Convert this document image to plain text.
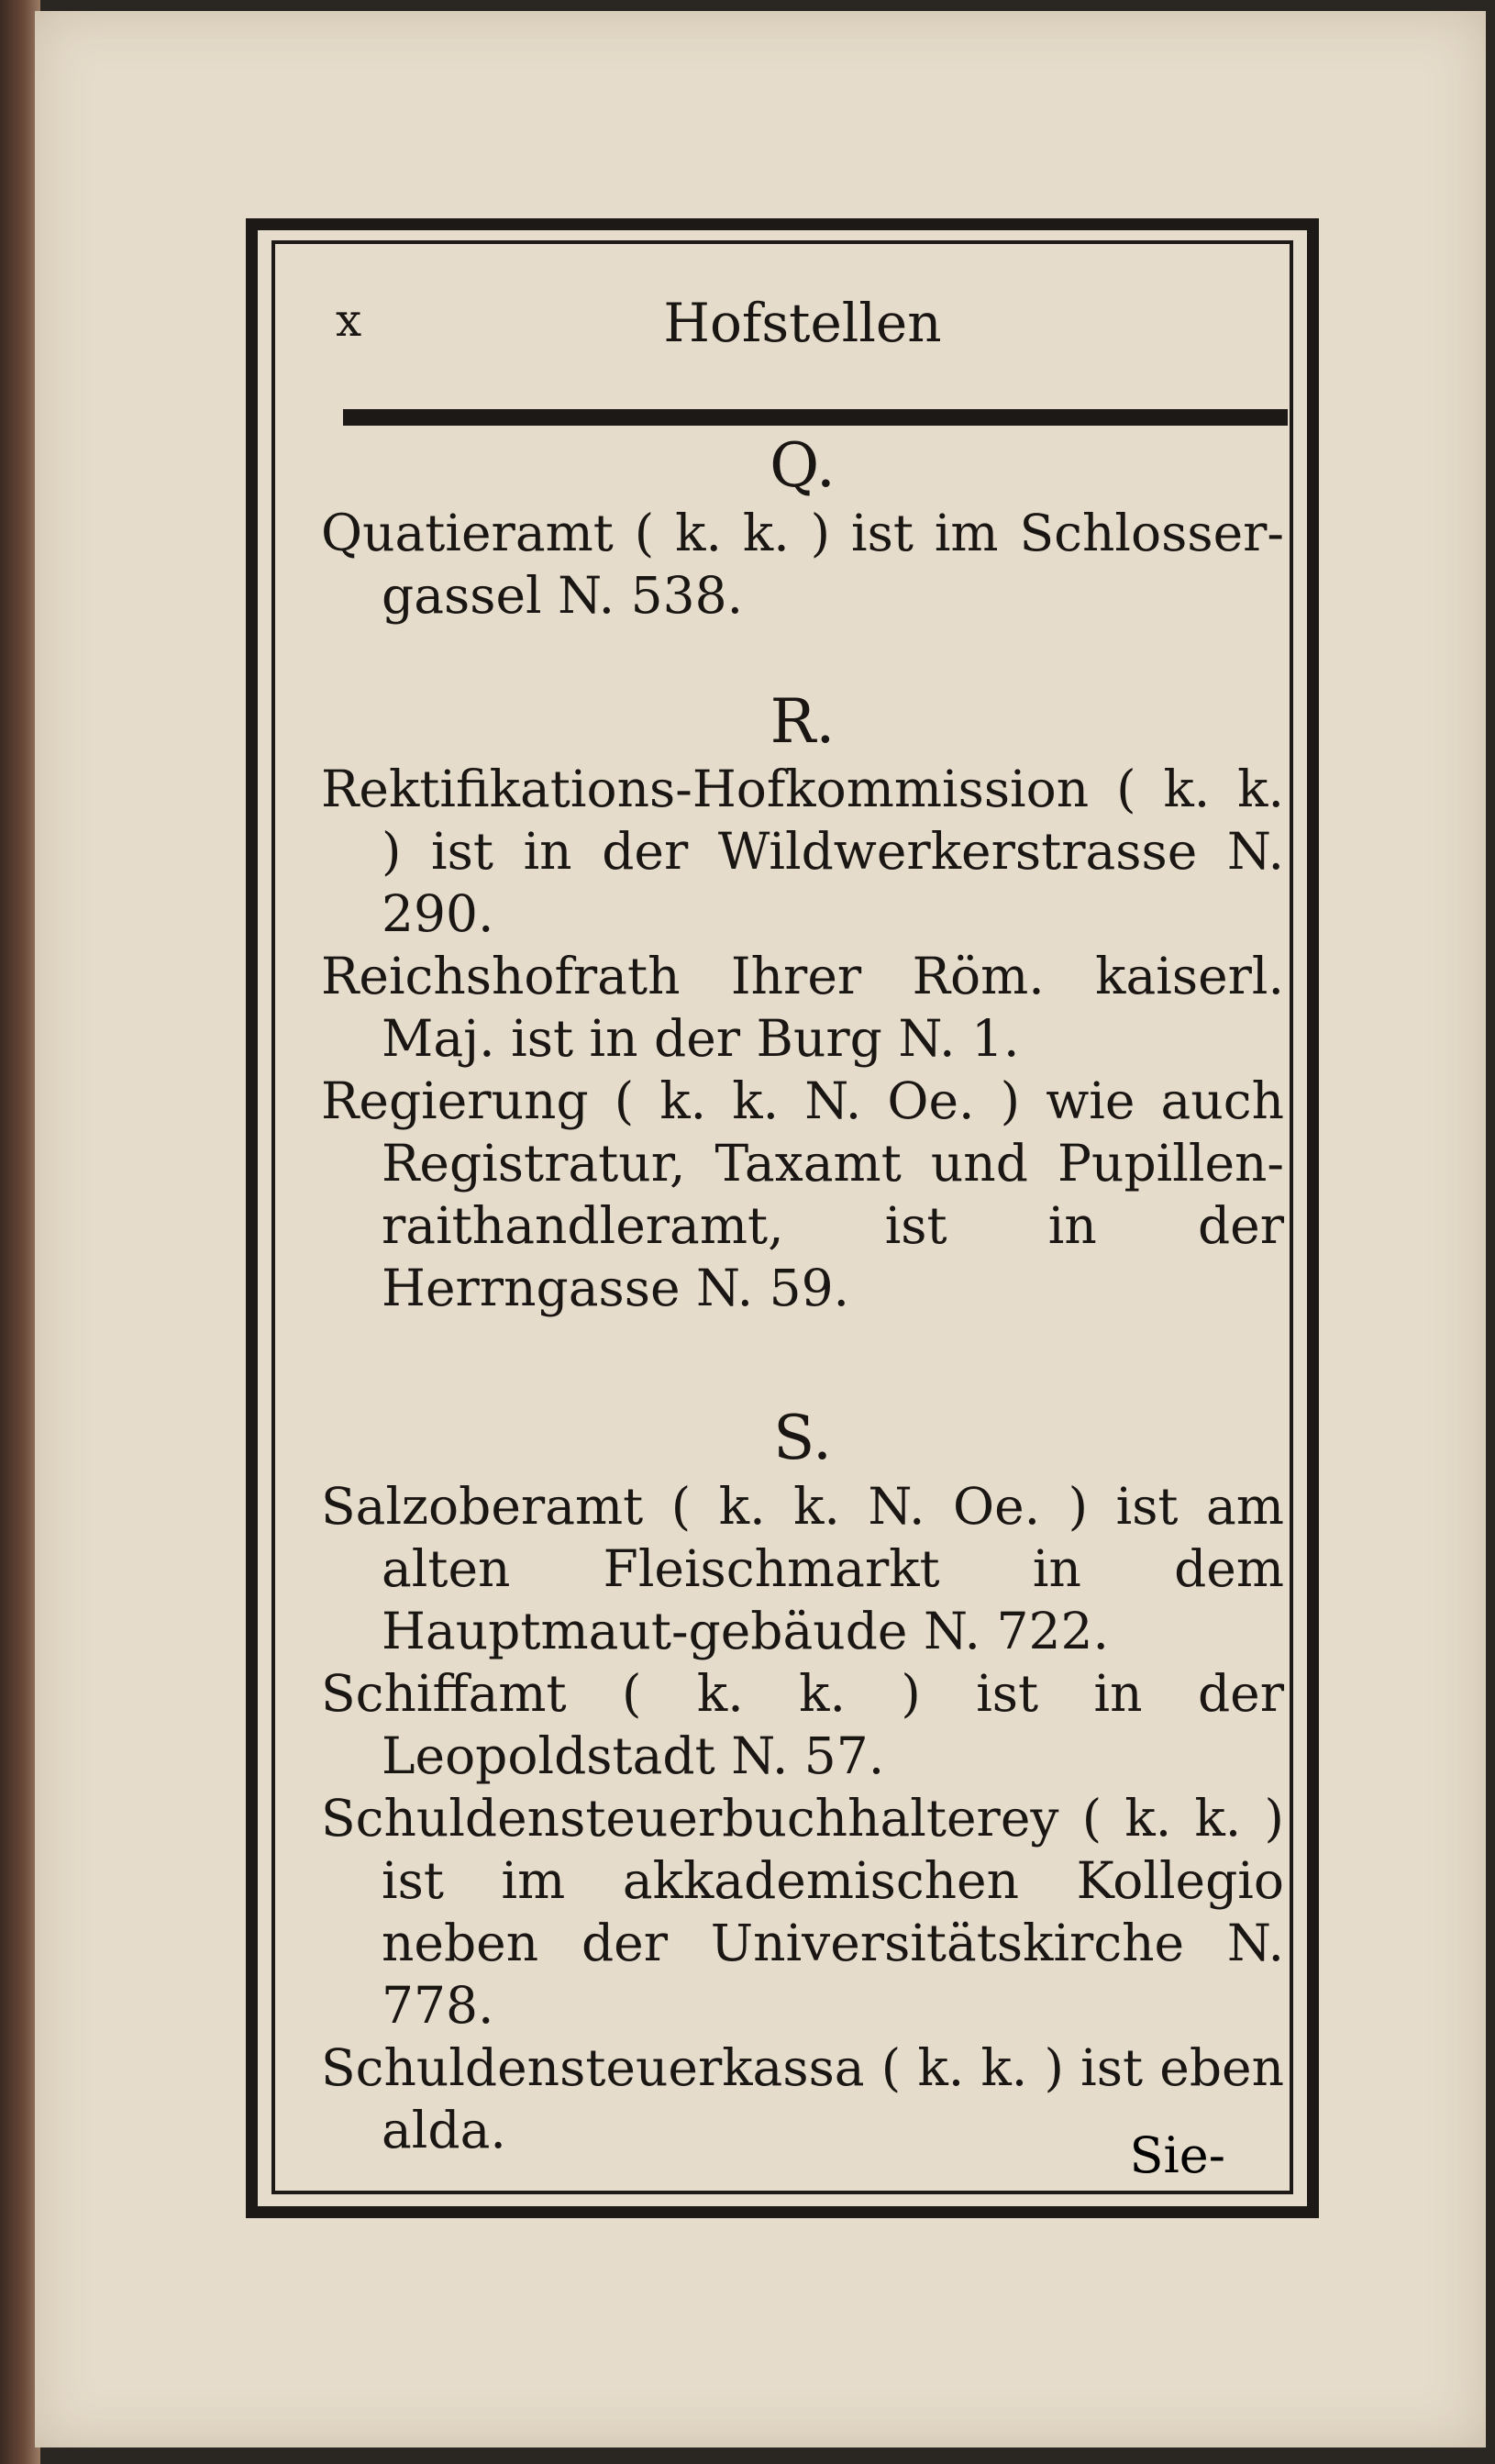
x	Hofstellen

Q.

Quatieramt ( k. k. ) ist im Schlosser-gassel N. 538.

R.

Rektifikations-Hofkommission ( k. k. ) ist in der Wildwerkerstrasse N. 290.

Reichshofrath Ihrer Röm. kaiserl. Maj. ist in der Burg N. 1.

Regierung ( k. k. N. Oe. ) wie auch Registratur, Taxamt und Pupillen-raithandleramt, ist in der Herrngasse N. 59.

S.

Salzoberamt ( k. k. N. Oe. ) ist am alten Fleischmarkt in dem Hauptmaut-gebäude N. 722.

Schiffamt ( k. k. ) ist in der Leopoldstadt N. 57.

Schuldensteuerbuchhalterey ( k. k. ) ist im akkademischen Kollegio neben der Universitätskirche N. 778.

Schuldensteuerkassa ( k. k. ) ist eben alda.	Sie-
